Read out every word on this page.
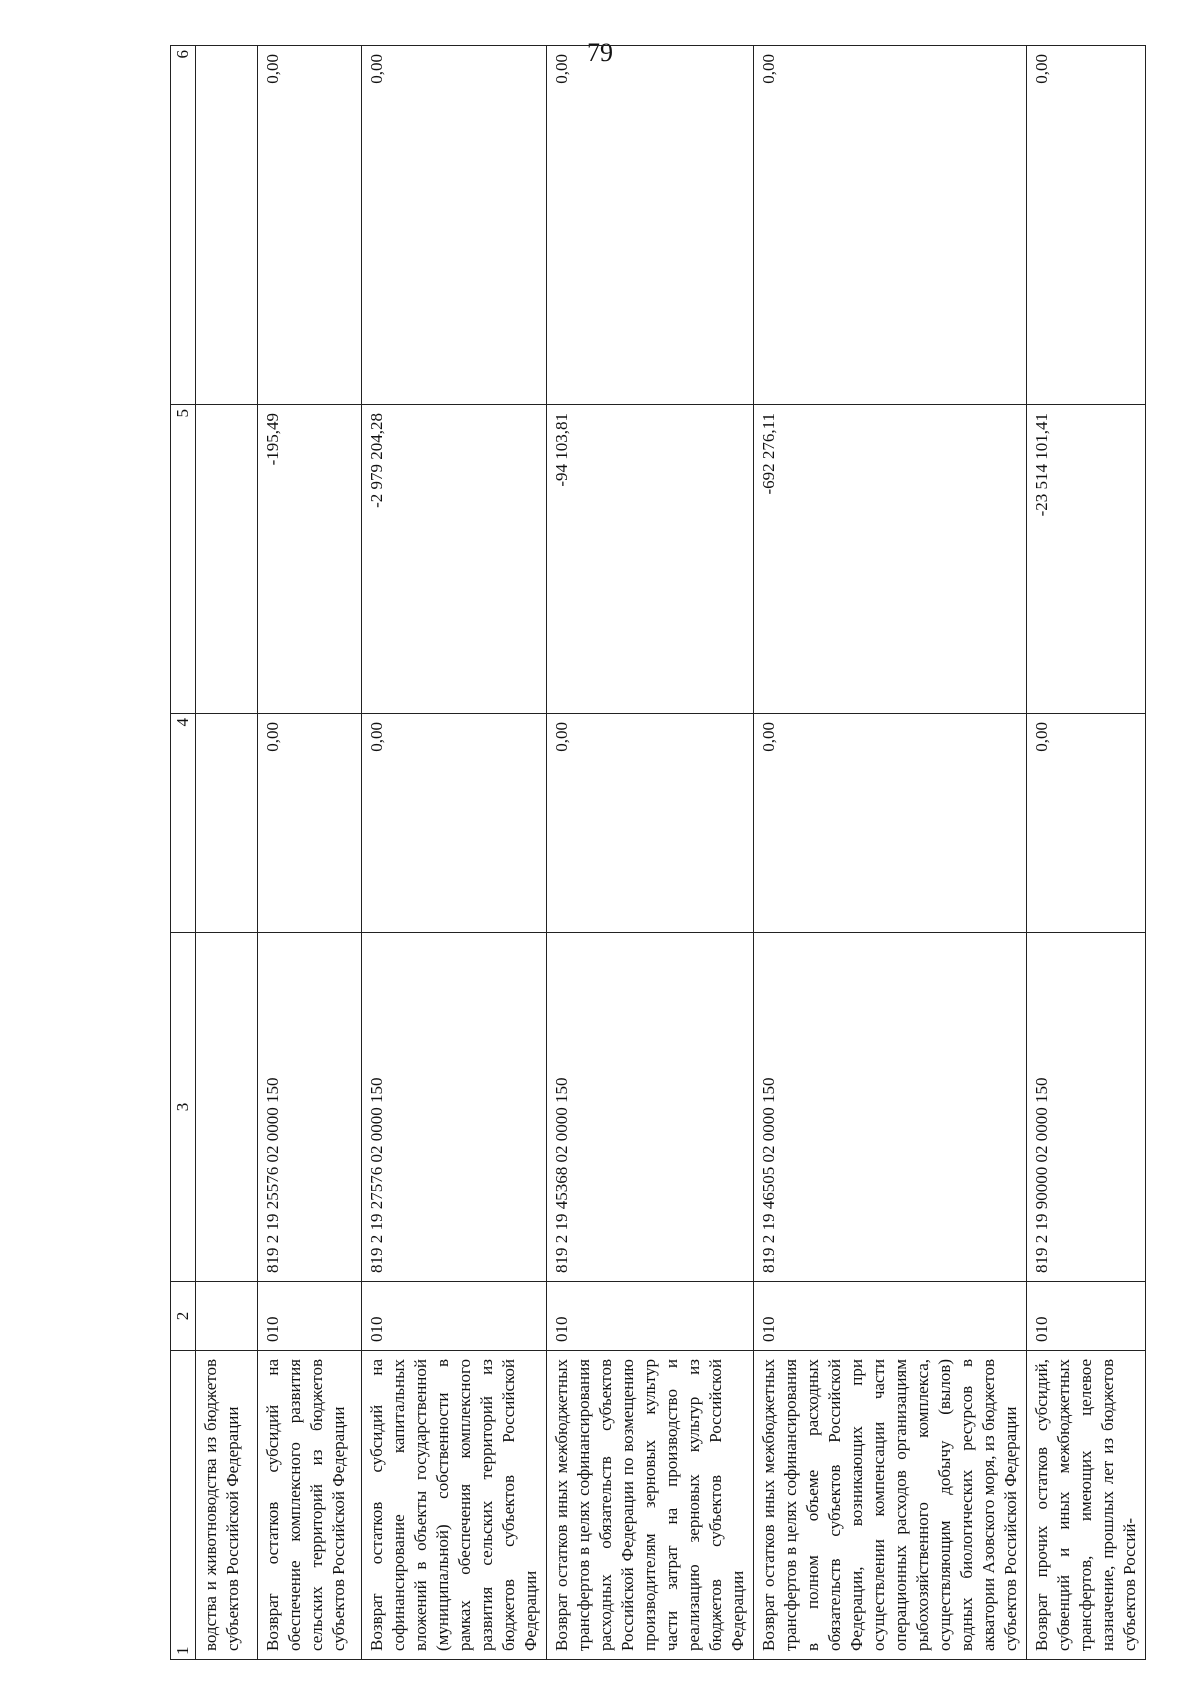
79
1	2	3	4	5	6
водства и животноводства из бюджетов субъектов Российской Федерации					
Возврат остатков субсидий на обеспечение комплексного развития сельских территорий из бюджетов субъектов Российской Федерации	010	819 2 19 25576 02 0000 150	0,00	-195,49	0,00
Возврат остатков субсидий на софинансирование капитальных вложений в объекты государственной (муниципальной) собственности в рамках обеспечения комплексного развития сельских территорий из бюджетов субъектов Российской Федерации	010	819 2 19 27576 02 0000 150	0,00	-2 979 204,28	0,00
Возврат остатков иных межбюджетных трансфертов в целях софинансирования расходных обязательств субъектов Российской Федерации по возмещению производителям зерновых культур части затрат на производство и реализацию зерновых культур из бюджетов субъектов Российской Федерации	010	819 2 19 45368 02 0000 150	0,00	-94 103,81	0,00
Возврат остатков иных межбюджетных трансфертов в целях софинансирования в полном объеме расходных обязательств субъектов Российской Федерации, возникающих при осуществлении компенсации части операционных расходов организациям рыбохозяйственного комплекса, осуществляющим добычу (вылов) водных биологических ресурсов в акватории Азовского моря, из бюджетов субъектов Российской Федерации	010	819 2 19 46505 02 0000 150	0,00	-692 276,11	0,00
Возврат прочих остатков субсидий, субвенций и иных межбюджетных трансфертов, имеющих целевое назначение, прошлых лет из бюджетов субъектов Россий-	010	819 2 19 90000 02 0000 150	0,00	-23 514 101,41	0,00
